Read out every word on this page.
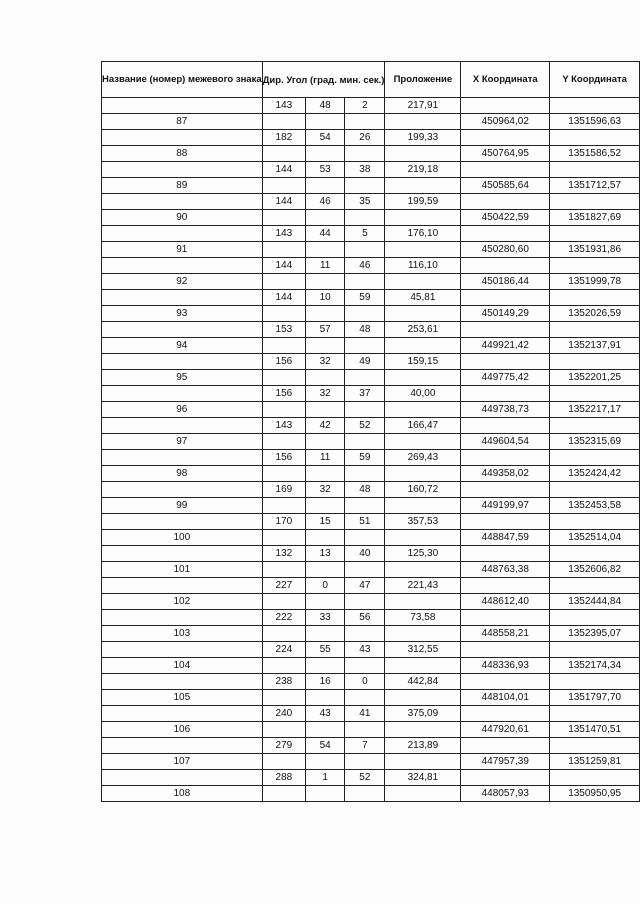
Название (номер) межевого знака	Дир. Угол (град. мин. сек.)			Проложение	X Координата	Y Координата
	143	48	2	217,91		
87					450964,02	1351596,63
	182	54	26	199,33		
88					450764,95	1351586,52
	144	53	38	219,18		
89					450585,64	1351712,57
	144	46	35	199,59		
90					450422,59	1351827,69
	143	44	5	176,10		
91					450280,60	1351931,86
	144	11	46	116,10		
92					450186,44	1351999,78
	144	10	59	45,81		
93					450149,29	1352026,59
	153	57	48	253,61		
94					449921,42	1352137,91
	156	32	49	159,15		
95					449775,42	1352201,25
	156	32	37	40,00		
96					449738,73	1352217,17
	143	42	52	166,47		
97					449604,54	1352315,69
	156	11	59	269,43		
98					449358,02	1352424,42
	169	32	48	160,72		
99					449199,97	1352453,58
	170	15	51	357,53		
100					448847,59	1352514,04
	132	13	40	125,30		
101					448763,38	1352606,82
	227	0	47	221,43		
102					448612,40	1352444,84
	222	33	56	73,58		
103					448558,21	1352395,07
	224	55	43	312,55		
104					448336,93	1352174,34
	238	16	0	442,84		
105					448104,01	1351797,70
	240	43	41	375,09		
106					447920,61	1351470,51
	279	54	7	213,89		
107					447957,39	1351259,81
	288	1	52	324,81		
108					448057,93	1350950,95
